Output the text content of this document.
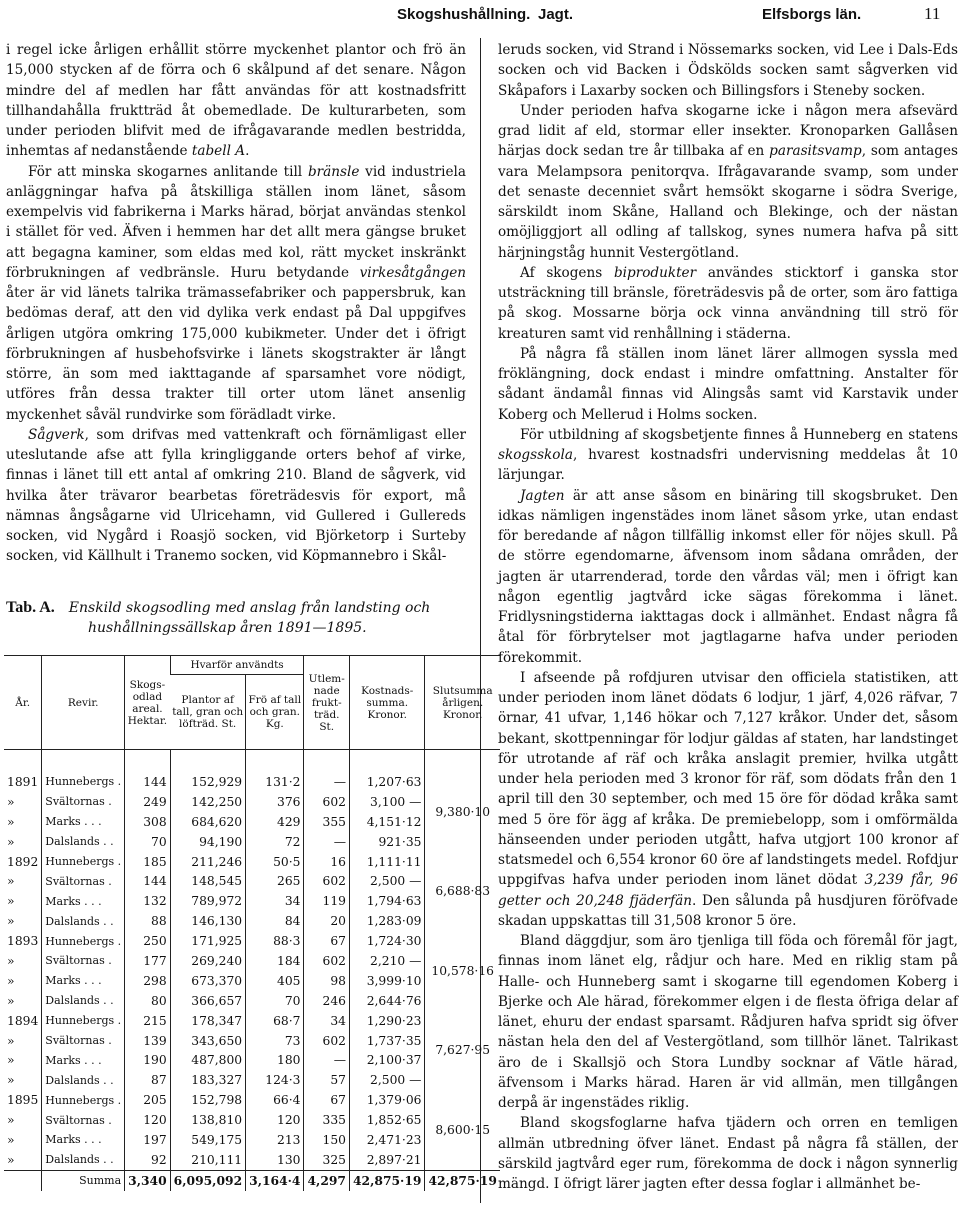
Skogshushållning. Jagt.	Elfsborgs län.	11

i regel icke årligen erhållit större myckenhet plantor och frö än 15,000 stycken af de förra och 6 skålpund af det senare. Någon mindre del af medlen har fått användas för att kostnadsfritt tillhandahålla fruktträd åt obemedlade. De kulturarbeten, som under perioden blifvit med de ifrågavarande medlen bestridda, inhemtas af nedanstående tabell A.

För att minska skogarnes anlitande till bränsle vid industriela anläggningar hafva på åtskilliga ställen inom länet, såsom exempelvis vid fabrikerna i Marks härad, börjat användas stenkol i stället för ved. Äfven i hemmen har det allt mera gängse bruket att begagna kaminer, som eldas med kol, rätt mycket inskränkt förbrukningen af vedbränsle. Huru betydande virkesåtgången åter är vid länets talrika trämassefabriker och pappersbruk, kan bedömas deraf, att den vid dylika verk endast på Dal uppgifves årligen utgöra omkring 175,000 kubikmeter. Under det i öfrigt förbrukningen af husbehofsvirke i länets skogstrakter är långt större, än som med iakttagande af sparsamhet vore nödigt, utföres från dessa trakter till orter utom länet ansenlig myckenhet såväl rundvirke som förädladt virke.

Sågverk, som drifvas med vattenkraft och förnämligast eller uteslutande afse att fylla kringliggande orters behof af virke, finnas i länet till ett antal af omkring 210. Bland de sågverk, vid hvilka åter trävaror bearbetas företrädesvis för export, må nämnas ångsågarne vid Ulricehamn, vid Gullered i Gullereds socken, vid Nygård i Roasjö socken, vid Björketorp i Surteby socken, vid Källhult i Tranemo socken, vid Köpmannebro i Skål-

Tab. A. Enskild skogsodling med anslag från landsting och
hushållningssällskap åren 1891—1895.
År.	Revir.	Skogs-odlad areal. Hektar.	Hvarför användts		Utlem-nade frukt-träd. St.	Kostnads-summa. Kronor.	Slutsumma årligen. Kronor.
			Plantor af tall, gran och löfträd. St.	Frö af tall och gran. Kg.			

1891	Hunnebergs .	144	152,929	131·2	—	1,207·63	9,380·10
»	Svältornas .	249	142,250	376	602	3,100 —	
»	Marks . . .	308	684,620	429	355	4,151·12	
»	Dalslands . .	70	94,190	72	—	921·35	
1892	Hunnebergs .	185	211,246	50·5	16	1,111·11	6,688·83
»	Svältornas .	144	148,545	265	602	2,500 —	
»	Marks . . .	132	789,972	34	119	1,794·63	
»	Dalslands . .	88	146,130	84	20	1,283·09	
1893	Hunnebergs .	250	171,925	88·3	67	1,724·30	10,578·16
»	Svältornas .	177	269,240	184	602	2,210 —	
»	Marks . . .	298	673,370	405	98	3,999·10	
»	Dalslands . .	80	366,657	70	246	2,644·76	
1894	Hunnebergs .	215	178,347	68·7	34	1,290·23	7,627·95
»	Svältornas .	139	343,650	73	602	1,737·35	
»	Marks . . .	190	487,800	180	—	2,100·37	
»	Dalslands . .	87	183,327	124·3	57	2,500 —	
1895	Hunnebergs .	205	152,798	66·4	67	1,379·06	8,600·15
»	Svältornas .	120	138,810	120	335	1,852·65	
»	Marks . . .	197	549,175	213	150	2,471·23	
»	Dalslands . .	92	210,111	130	325	2,897·21	
	Summa	3,340	6,095,092	3,164·4	4,297	42,875·19	42,875·19

leruds socken, vid Strand i Nössemarks socken, vid Lee i Dals-Eds socken och vid Backen i Ödskölds socken samt sågverken vid Skåpafors i Laxarby socken och Billingsfors i Steneby socken.

Under perioden hafva skogarne icke i någon mera afsevärd grad lidit af eld, stormar eller insekter. Kronoparken Gallåsen härjas dock sedan tre år tillbaka af en parasitsvamp, som antages vara Melampsora penitorqva. Ifrågavarande svamp, som under det senaste decenniet svårt hemsökt skogarne i södra Sverige, särskildt inom Skåne, Halland och Blekinge, och der nästan omöjliggjort all odling af tallskog, synes numera hafva på sitt härjningståg hunnit Vestergötland.

Af skogens biprodukter användes sticktorf i ganska stor utsträckning till bränsle, företrädesvis på de orter, som äro fattiga på skog. Mossarne börja ock vinna användning till strö för kreaturen samt vid renhållning i städerna.

På några få ställen inom länet lärer allmogen syssla med fröklängning, dock endast i mindre omfattning. Anstalter för sådant ändamål finnas vid Alingsås samt vid Karstavik under Koberg och Mellerud i Holms socken.

För utbildning af skogsbetjente finnes å Hunneberg en statens skogsskola, hvarest kostnadsfri undervisning meddelas åt 10 lärjungar.

Jagten är att anse såsom en binäring till skogsbruket. Den idkas nämligen ingenstädes inom länet såsom yrke, utan endast för beredande af någon tillfällig inkomst eller för nöjes skull. På de större egendomarne, äfvensom inom sådana områden, der jagten är utarrenderad, torde den vårdas väl; men i öfrigt kan någon egentlig jagtvård icke sägas förekomma i länet. Fridlysningstiderna iakttagas dock i allmänhet. Endast några få åtal för förbrytelser mot jagtlagarne hafva under perioden förekommit.

I afseende på rofdjuren utvisar den officiela statistiken, att under perioden inom länet dödats 6 lodjur, 1 järf, 4,026 räfvar, 7 örnar, 41 ufvar, 1,146 hökar och 7,127 kråkor. Under det, såsom bekant, skottpenningar för lodjur gäldas af staten, har landstinget för utrotande af räf och kråka anslagit premier, hvilka utgått under hela perioden med 3 kronor för räf, som dödats från den 1 april till den 30 september, och med 15 öre för dödad kråka samt med 5 öre för ägg af kråka. De premiebelopp, som i omförmälda hänseenden under perioden utgått, hafva utgjort 100 kronor af statsmedel och 6,554 kronor 60 öre af landstingets medel. Rofdjur uppgifvas hafva under perioden inom länet dödat 3,239 får, 96 getter och 20,248 fjäderfän. Den sålunda på husdjuren föröfvade skadan uppskattas till 31,508 kronor 5 öre.

Bland däggdjur, som äro tjenliga till föda och föremål för jagt, finnas inom länet elg, rådjur och hare. Med en riklig stam på Halle- och Hunneberg samt i skogarne till egendomen Koberg i Bjerke och Ale härad, förekommer elgen i de flesta öfriga delar af länet, ehuru der endast sparsamt. Rådjuren hafva spridt sig öfver nästan hela den del af Vestergötland, som tillhör länet. Talrikast äro de i Skallsjö och Stora Lundby socknar af Vätle härad, äfvensom i Marks härad. Haren är vid allmän, men tillgången derpå är ingenstädes riklig.

Bland skogsfoglarne hafva tjädern och orren en temligen allmän utbredning öfver länet. Endast på några få ställen, der särskild jagtvård eger rum, förekomma de dock i någon synnerlig mängd. I öfrigt lärer jagten efter dessa foglar i allmänhet be-
